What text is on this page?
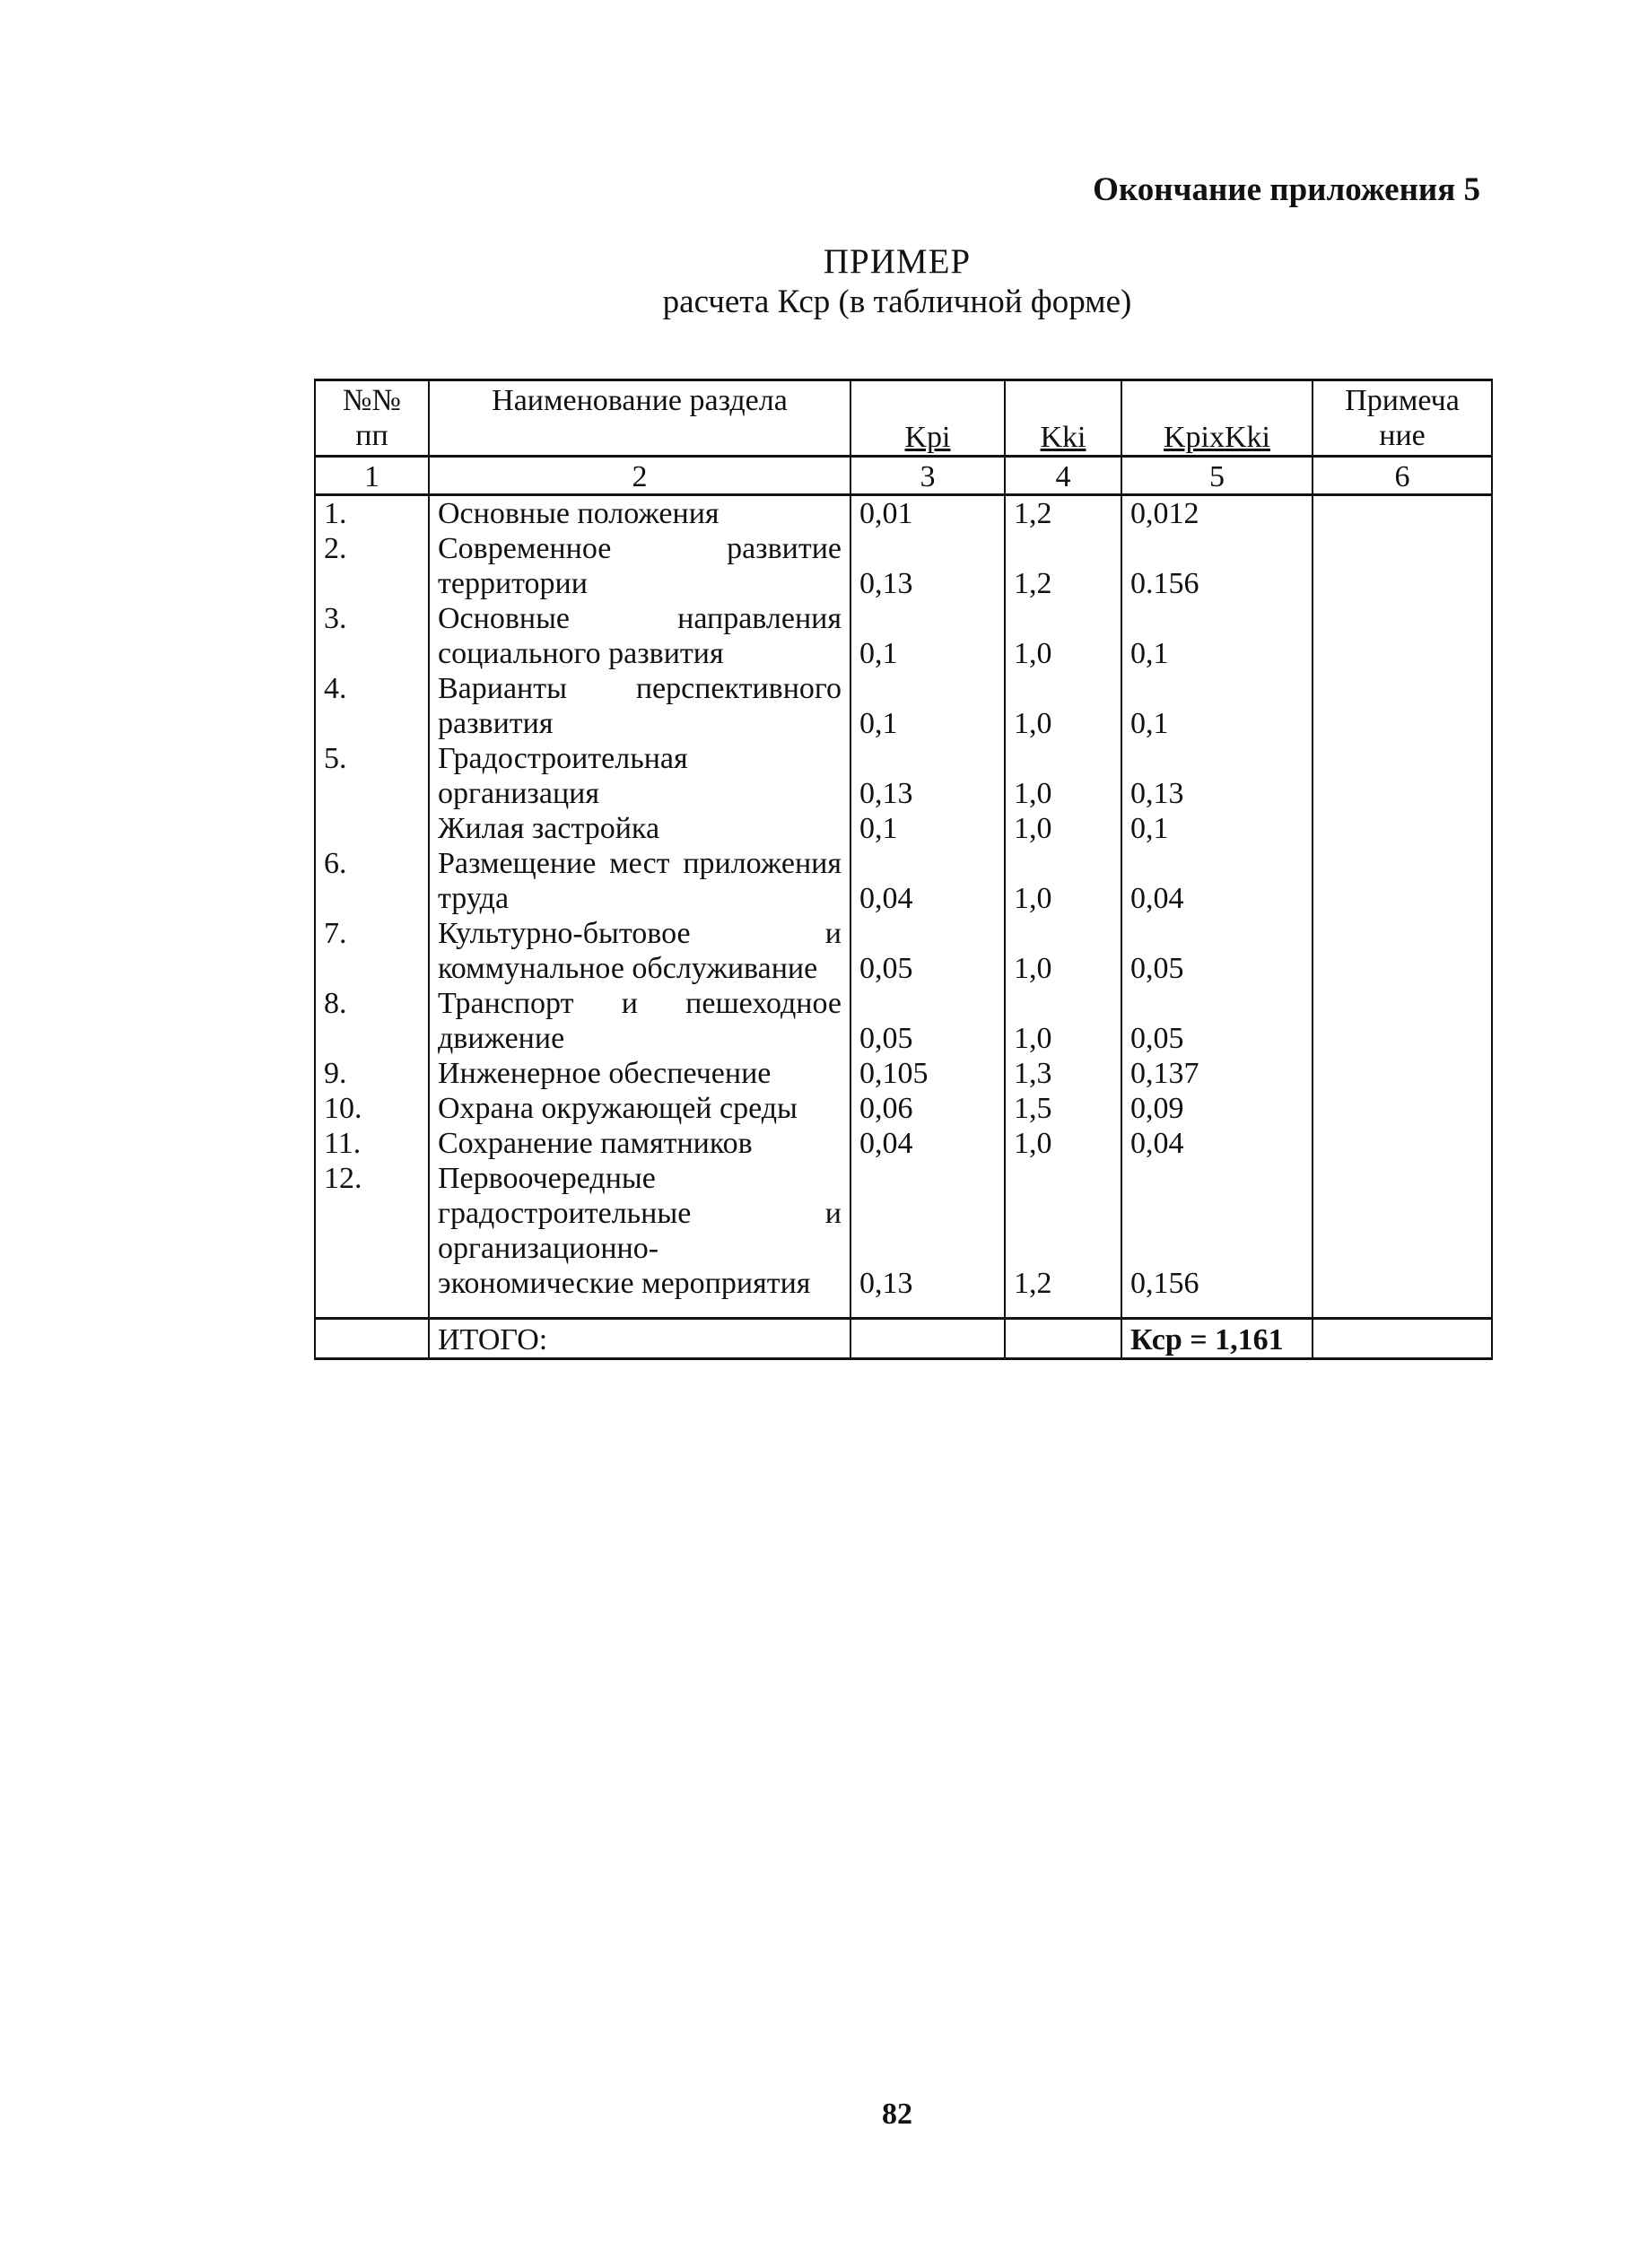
Окончание приложения 5
ПРИМЕР
расчета Кср (в табличной форме)
№№ пп	Наименование раздела	Kpi	Kki	KpixKki	Примеча ние
1	2	3	4	5	6
1.	Основные положения	0,01	1,2	0,012	
2.	Современное развитие территории	0,13	1,2	0.156	
3.	Основные направления социального развития	0,1	1,0	0,1	
4.	Варианты перспективного развития	0,1	1,0	0,1	
5.	Градостроительная организация	0,13	1,0	0,13	
	Жилая застройка	0,1	1,0	0,1	
6.	Размещение мест приложения труда	0,04	1,0	0,04	
7.	Культурно-бытовое и коммунальное обслуживание	0,05	1,0	0,05	
8.	Транспорт и пешеходное движение	0,05	1,0	0,05	
9.	Инженерное обеспечение	0,105	1,3	0,137	
10.	Охрана окружающей среды	0,06	1,5	0,09	
11.	Сохранение памятников	0,04	1,0	0,04	
12.	Первоочередные градостроительные и организационно-экономические мероприятия	0,13	1,2	0,156	

	ИТОГО:			Кср = 1,161	
82
